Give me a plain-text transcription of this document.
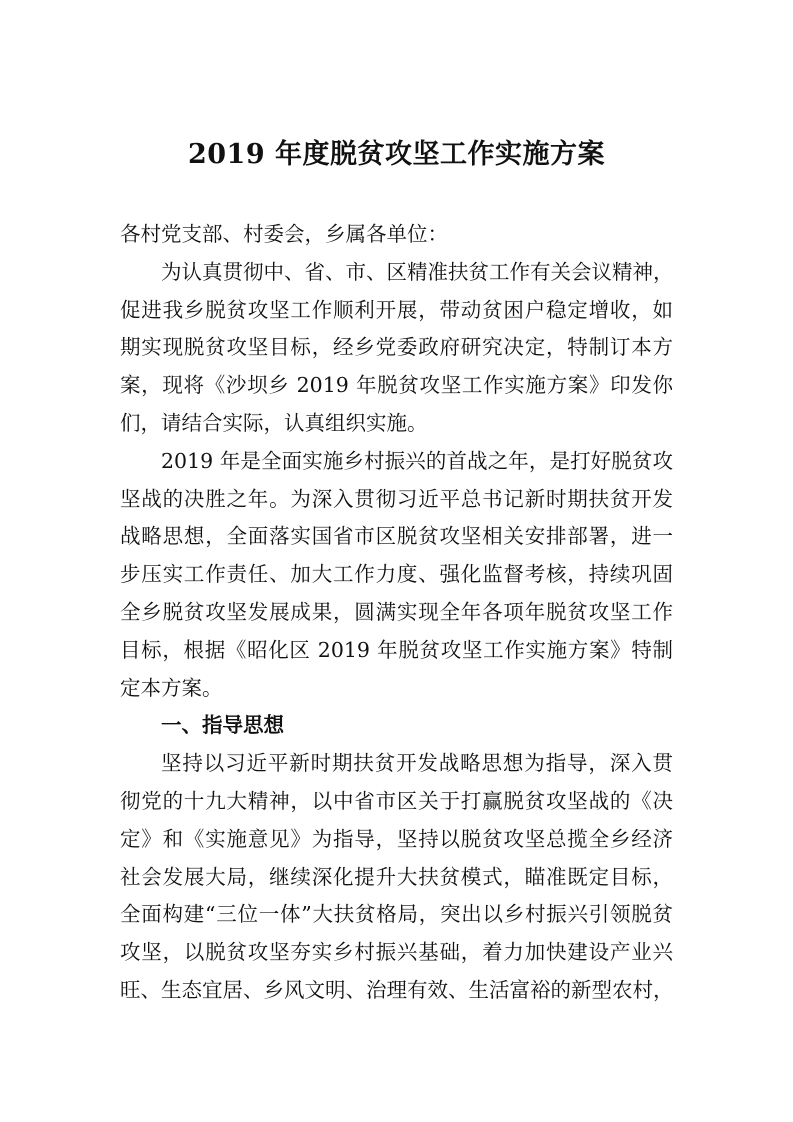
2019 年度脱贫攻坚工作实施方案
各村党支部、村委会，乡属各单位：
为认真贯彻中、省、市、区精准扶贫工作有关会议精神，
促进我乡脱贫攻坚工作顺利开展，带动贫困户稳定增收，如
期实现脱贫攻坚目标，经乡党委政府研究决定，特制订本方
案，现将《沙坝乡 2019 年脱贫攻坚工作实施方案》印发你
们，请结合实际，认真组织实施。
2019 年是全面实施乡村振兴的首战之年，是打好脱贫攻
坚战的决胜之年。为深入贯彻习近平总书记新时期扶贫开发
战略思想，全面落实国省市区脱贫攻坚相关安排部署，进一
步压实工作责任、加大工作力度、强化监督考核，持续巩固
全乡脱贫攻坚发展成果，圆满实现全年各项年脱贫攻坚工作
目标，根据《昭化区 2019 年脱贫攻坚工作实施方案》特制
定本方案。
一、指导思想
坚持以习近平新时期扶贫开发战略思想为指导，深入贯
彻党的十九大精神，以中省市区关于打赢脱贫攻坚战的《决
定》和《实施意见》为指导，坚持以脱贫攻坚总揽全乡经济
社会发展大局，继续深化提升大扶贫模式，瞄准既定目标，
全面构建“三位一体”大扶贫格局，突出以乡村振兴引领脱贫
攻坚，以脱贫攻坚夯实乡村振兴基础，着力加快建设产业兴
旺、生态宜居、乡风文明、治理有效、生活富裕的新型农村，
